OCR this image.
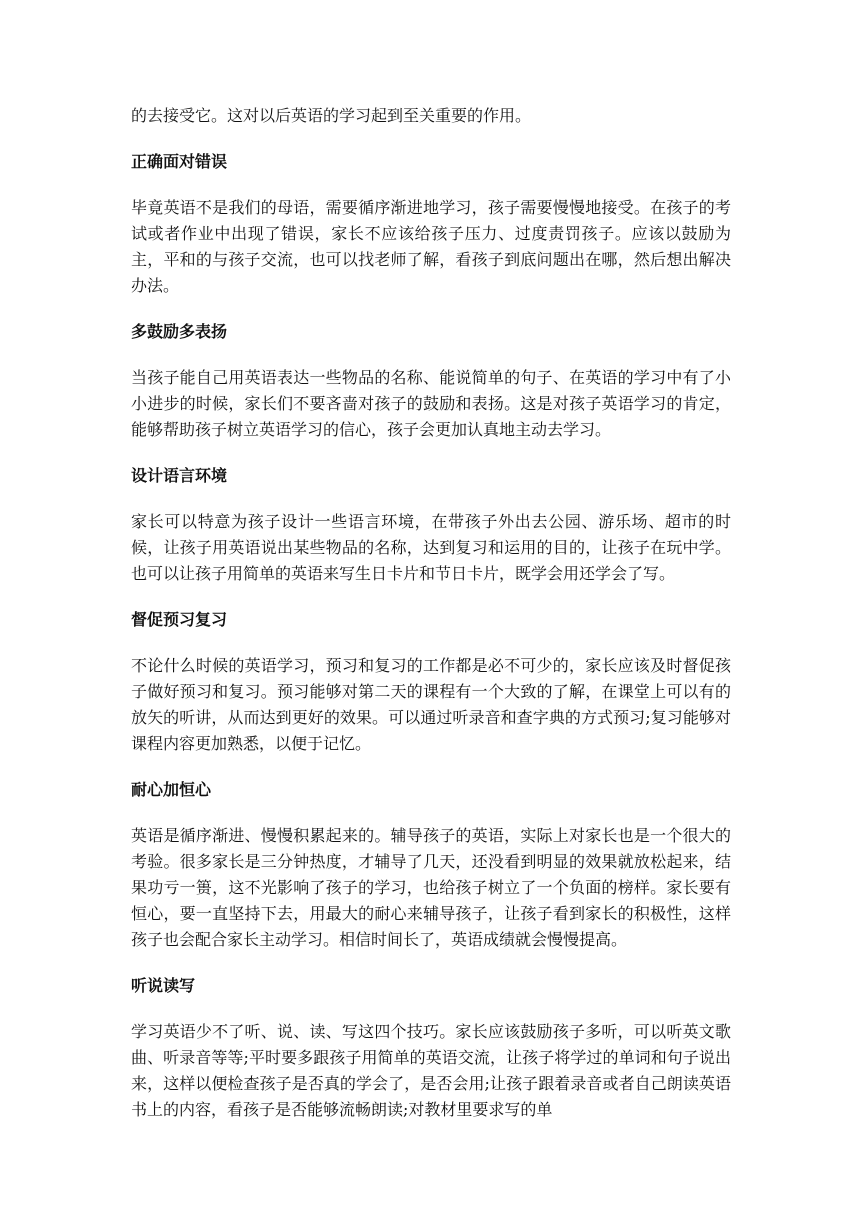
的去接受它。这对以后英语的学习起到至关重要的作用。

正确面对错误

毕竟英语不是我们的母语，需要循序渐进地学习，孩子需要慢慢地接受。在孩子的考试或者作业中出现了错误，家长不应该给孩子压力、过度责罚孩子。应该以鼓励为主，平和的与孩子交流，也可以找老师了解，看孩子到底问题出在哪，然后想出解决办法。

多鼓励多表扬

当孩子能自己用英语表达一些物品的名称、能说简单的句子、在英语的学习中有了小小进步的时候，家长们不要吝啬对孩子的鼓励和表扬。这是对孩子英语学习的肯定，能够帮助孩子树立英语学习的信心，孩子会更加认真地主动去学习。

设计语言环境

家长可以特意为孩子设计一些语言环境，在带孩子外出去公园、游乐场、超市的时候，让孩子用英语说出某些物品的名称，达到复习和运用的目的，让孩子在玩中学。也可以让孩子用简单的英语来写生日卡片和节日卡片，既学会用还学会了写。

督促预习复习

不论什么时候的英语学习，预习和复习的工作都是必不可少的，家长应该及时督促孩子做好预习和复习。预习能够对第二天的课程有一个大致的了解，在课堂上可以有的放矢的听讲，从而达到更好的效果。可以通过听录音和查字典的方式预习;复习能够对课程内容更加熟悉，以便于记忆。

耐心加恒心

英语是循序渐进、慢慢积累起来的。辅导孩子的英语，实际上对家长也是一个很大的考验。很多家长是三分钟热度，才辅导了几天，还没看到明显的效果就放松起来，结果功亏一篑，这不光影响了孩子的学习，也给孩子树立了一个负面的榜样。家长要有恒心，要一直坚持下去，用最大的耐心来辅导孩子，让孩子看到家长的积极性，这样孩子也会配合家长主动学习。相信时间长了，英语成绩就会慢慢提高。

听说读写

学习英语少不了听、说、读、写这四个技巧。家长应该鼓励孩子多听，可以听英文歌曲、听录音等等;平时要多跟孩子用简单的英语交流，让孩子将学过的单词和句子说出来，这样以便检查孩子是否真的学会了，是否会用;让孩子跟着录音或者自己朗读英语书上的内容，看孩子是否能够流畅朗读;对教材里要求写的单
